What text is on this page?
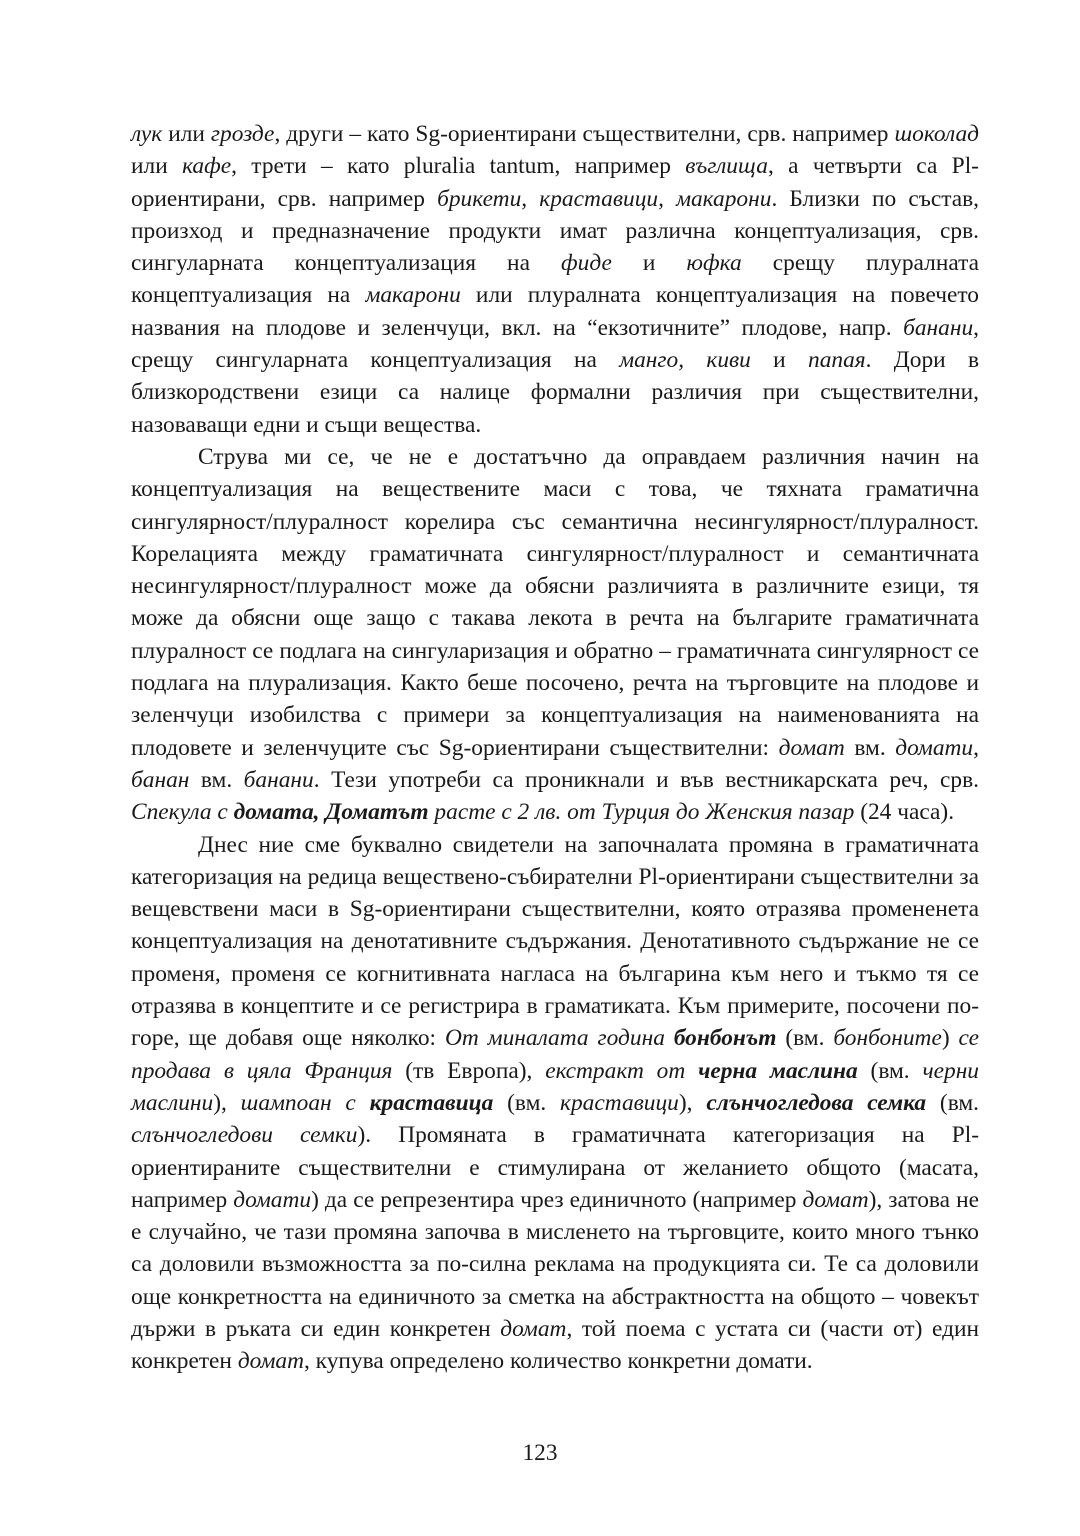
лук или грозде, други – като Sg-ориентирани съществителни, срв. например шоколад или кафе, трети – като pluralia tantum, например въглища, а четвърти са Pl-ориентирани, срв. например брикети, краставици, макарони. Близки по състав, произход и предназначение продукти имат различна концептуализация, срв. сингуларната концептуализация на фиде и юфка срещу плуралната концептуализация на макарони или плуралната концептуализация на повечето названия на плодове и зеленчуци, вкл. на “екзотичните” плодове, напр. банани, срещу сингуларната концептуализация на манго, киви и папая. Дори в близкородствени езици са налице формални различия при съществителни, назоваващи едни и същи вещества.

Струва ми се, че не е достатъчно да оправдаем различния начин на концептуализация на веществените маси с това, че тяхната граматична сингулярност/плуралност корелира със семантична несингулярност/плуралност. Корелацията между граматичната сингулярност/плуралност и семантичната несингулярност/плуралност може да обясни различията в различните езици, тя може да обясни още защо с такава лекота в речта на българите граматичната плуралност се подлага на сингуларизация и обратно – граматичната сингулярност се подлага на плурализация. Както беше посочено, речта на търговците на плодове и зеленчуци изобилства с примери за концептуализация на наименованията на плодовете и зеленчуците със Sg-ориентирани съществителни: домат вм. домати, банан вм. банани. Тези употреби са проникнали и във вестникарската реч, срв. Спекула с домата, Доматът расте с 2 лв. от Турция до Женския пазар (24 часа).

Днес ние сме буквално свидетели на започналата промяна в граматичната категоризация на редица веществено-събирателни Pl-ориентирани съществителни за вещевствени маси в Sg-ориентирани съществителни, която отразява промененета концептуализация на денотативните съдържания. Денотативното съдържание не се променя, променя се когнитивната нагласа на българина към него и тъкмо тя се отразява в концептите и се регистрира в граматиката. Към примерите, посочени по-горе, ще добавя още няколко: От миналата година бонбонът (вм. бонбоните) се продава в цяла Франция (тв Европа), екстракт от черна маслина (вм. черни маслини), шампоан с краставица (вм. краставици), слънчогледова семка (вм. слънчогледови семки). Промяната в граматичната категоризация на Pl-ориентираните съществителни е стимулирана от желанието общото (масата, например домати) да се репрезентира чрез единичното (например домат), затова не е случайно, че тази промяна започва в мисленето на търговците, които много тънко са доловили възможността за по-силна реклама на продукцията си. Те са доловили още конкретността на единичното за сметка на абстрактността на общото – човекът държи в ръката си един конкретен домат, той поема с устата си (части от) един конкретен домат, купува определено количество конкретни домати.

123
